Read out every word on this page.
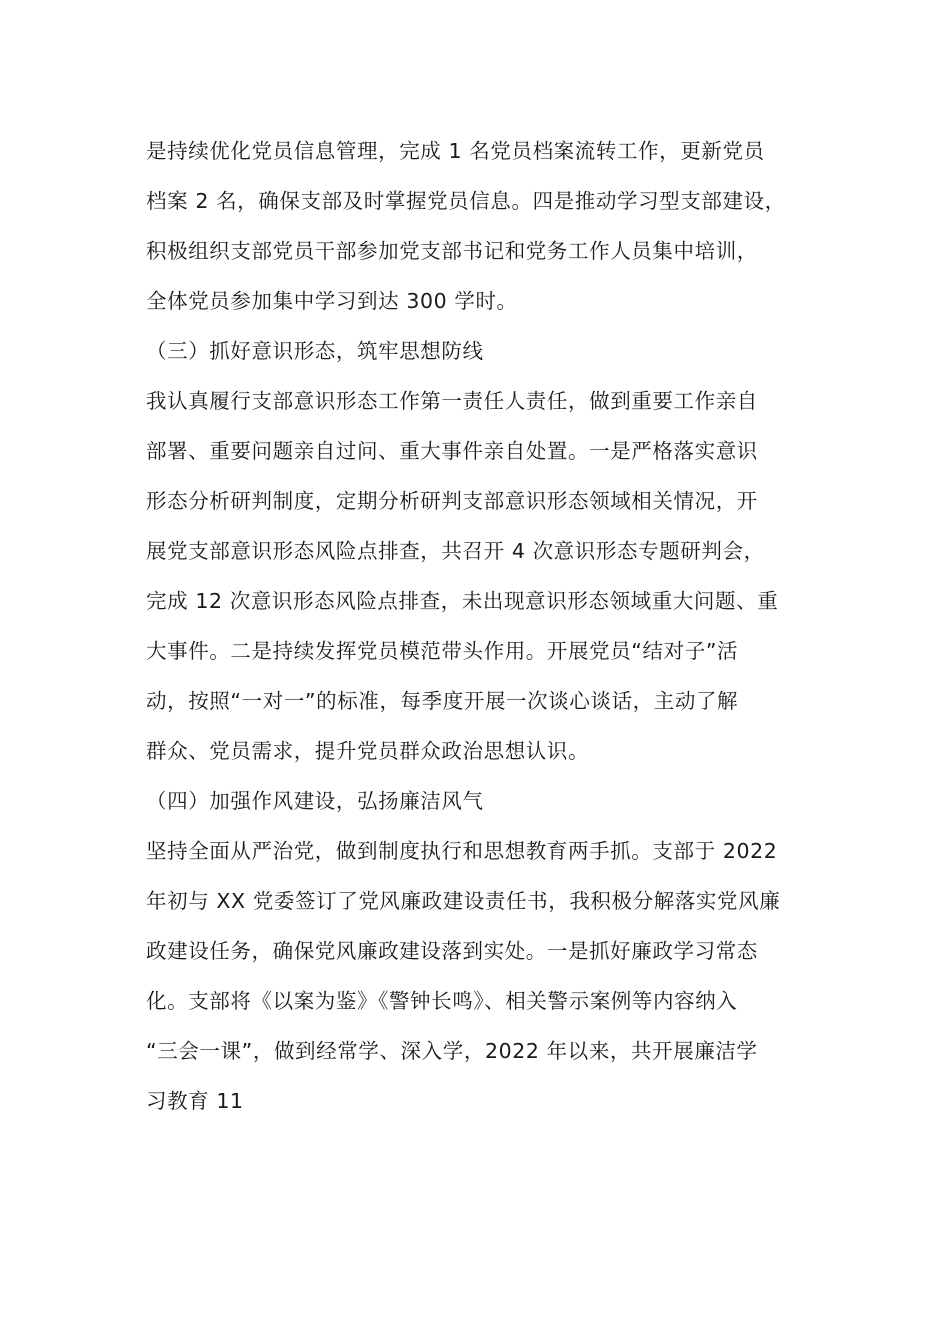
是持续优化党员信息管理，完成 1 名党员档案流转工作，更新党员
档案 2 名，确保支部及时掌握党员信息。四是推动学习型支部建设，
积极组织支部党员干部参加党支部书记和党务工作人员集中培训，
全体党员参加集中学习到达 300 学时。
（三）抓好意识形态，筑牢思想防线
我认真履行支部意识形态工作第一责任人责任，做到重要工作亲自
部署、重要问题亲自过问、重大事件亲自处置。一是严格落实意识
形态分析研判制度，定期分析研判支部意识形态领域相关情况，开
展党支部意识形态风险点排查，共召开 4 次意识形态专题研判会，
完成 12 次意识形态风险点排查，未出现意识形态领域重大问题、重
大事件。二是持续发挥党员模范带头作用。开展党员“结对子”活
动，按照“一对一”的标准，每季度开展一次谈心谈话，主动了解
群众、党员需求，提升党员群众政治思想认识。
（四）加强作风建设，弘扬廉洁风气
坚持全面从严治党，做到制度执行和思想教育两手抓。支部于 2022
年初与 XX 党委签订了党风廉政建设责任书，我积极分解落实党风廉
政建设任务，确保党风廉政建设落到实处。一是抓好廉政学习常态
化。支部将《以案为鉴》《警钟长鸣》、相关警示案例等内容纳入
“三会一课”，做到经常学、深入学，2022 年以来，共开展廉洁学
习教育 11
